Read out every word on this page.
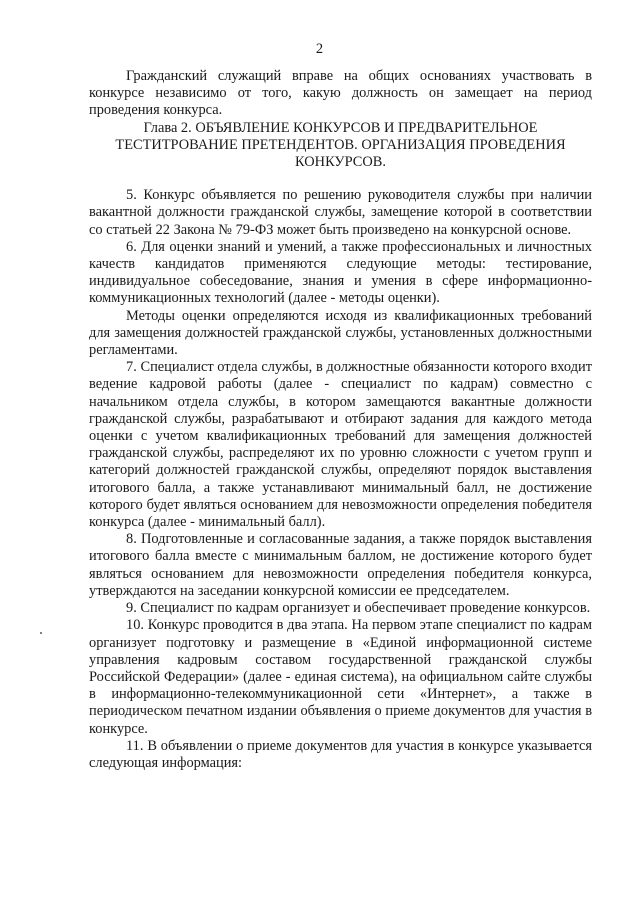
2

Гражданский служащий вправе на общих основаниях участвовать в конкурсе независимо от того, какую должность он замещает на период проведения конкурса.

Глава 2. ОБЪЯВЛЕНИЕ КОНКУРСОВ И ПРЕДВАРИТЕЛЬНОЕ ТЕСТИТРОВАНИЕ ПРЕТЕНДЕНТОВ. ОРГАНИЗАЦИЯ ПРОВЕДЕНИЯ КОНКУРСОВ.

5. Конкурс объявляется по решению руководителя службы при наличии вакантной должности гражданской службы, замещение которой в соответствии со статьей 22 Закона № 79-ФЗ может быть произведено на конкурсной основе.

6. Для оценки знаний и умений, а также профессиональных и личностных качеств кандидатов применяются следующие методы: тестирование, индивидуальное собеседование, знания и умения в сфере информационно-коммуникационных технологий (далее - методы оценки).

Методы оценки определяются исходя из квалификационных требований для замещения должностей гражданской службы, установленных должностными регламентами.

7. Специалист отдела службы, в должностные обязанности которого входит ведение кадровой работы (далее - специалист по кадрам) совместно с начальником отдела службы, в котором замещаются вакантные должности гражданской службы, разрабатывают и отбирают задания для каждого метода оценки с учетом квалификационных требований для замещения должностей гражданской службы, распределяют их по уровню сложности с учетом групп и категорий должностей гражданской службы, определяют порядок выставления итогового балла, а также устанавливают минимальный балл, не достижение которого будет являться основанием для невозможности определения победителя конкурса (далее - минимальный балл).

8. Подготовленные и согласованные задания, а также порядок выставления итогового балла вместе с минимальным баллом, не достижение которого будет являться основанием для невозможности определения победителя конкурса, утверждаются на заседании конкурсной комиссии ее председателем.

9. Специалист по кадрам организует и обеспечивает проведение конкурсов.

10. Конкурс проводится в два этапа. На первом этапе специалист по кадрам организует подготовку и размещение в «Единой информационной системе управления кадровым составом государственной гражданской службы Российской Федерации» (далее - единая система), на официальном сайте службы в информационно-телекоммуникационной сети «Интернет», а также в периодическом печатном издании объявления о приеме документов для участия в конкурсе.

11. В объявлении о приеме документов для участия в конкурсе указывается следующая информация:
